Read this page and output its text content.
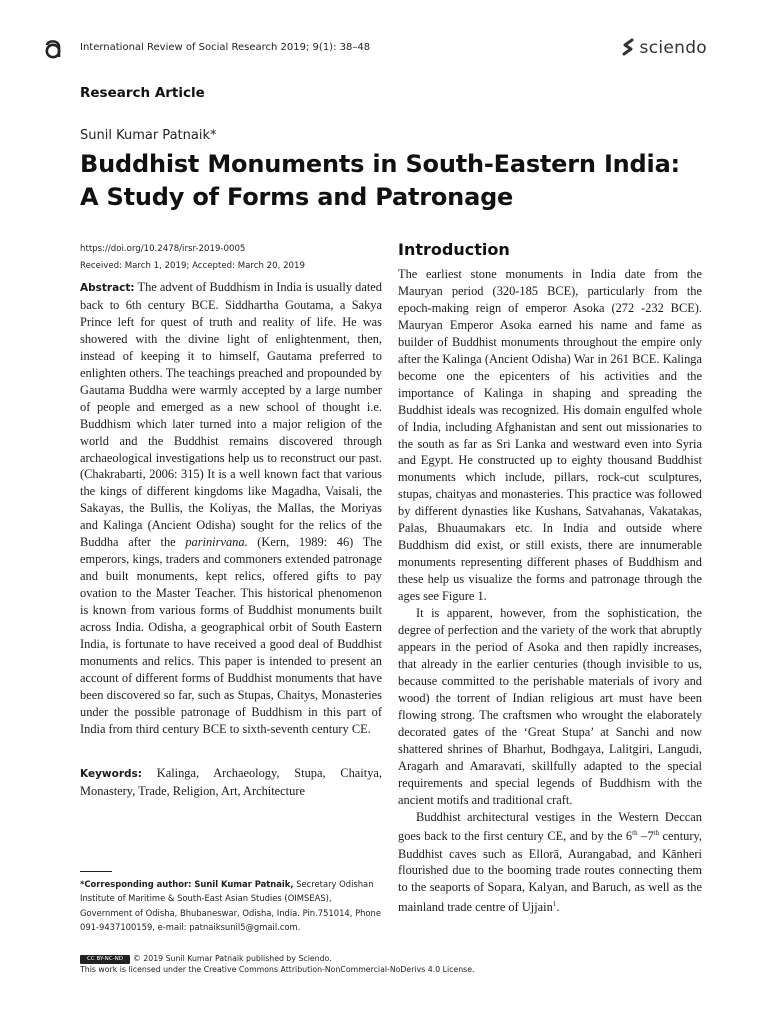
International Review of Social Research 2019; 9(1): 38–48	sciendo
Research Article
Sunil Kumar Patnaik*
Buddhist Monuments in South-Eastern India:
A Study of Forms and Patronage
https://doi.org/10.2478/irsr-2019-0005
Received: March 1, 2019; Accepted: March 20, 2019

Abstract: The advent of Buddhism in India is usually dated back to 6th century BCE. Siddhartha Goutama, a Sakya Prince left for quest of truth and reality of life. He was showered with the divine light of enlightenment, then, instead of keeping it to himself, Gautama preferred to enlighten others. The teachings preached and propounded by Gautama Buddha were warmly accepted by a large number of people and emerged as a new school of thought i.e. Buddhism which later turned into a major religion of the world and the Buddhist remains discovered through archaeological investigations help us to reconstruct our past. (Chakrabarti, 2006: 315) It is a well known fact that various the kings of different kingdoms like Magadha, Vaisali, the Sakayas, the Bullis, the Koliyas, the Mallas, the Moriyas and Kalinga (Ancient Odisha) sought for the relics of the Buddha after the parinirvana. (Kern, 1989: 46) The emperors, kings, traders and commoners extended patronage and built monuments, kept relics, offered gifts to pay ovation to the Master Teacher. This historical phenomenon is known from various forms of Buddhist monuments built across India. Odisha, a geographical orbit of South Eastern India, is fortunate to have received a good deal of Buddhist monuments and relics. This paper is intended to present an account of different forms of Buddhist monuments that have been discovered so far, such as Stupas, Chaitys, Monasteries under the possible patronage of Buddhism in this part of India from third century BCE to sixth-seventh century CE.

Keywords: Kalinga, Archaeology, Stupa, Chaitya, Monastery, Trade, Religion, Art, Architecture

*Corresponding author: Sunil Kumar Patnaik, Secretary Odishan Institute of Maritime & South-East Asian Studies (OIMSEAS), Government of Odisha, Bhubaneswar, Odisha, India. Pin.751014, Phone 091-9437100159, e-mail: patnaiksunil5@gmail.com.

Introduction

The earliest stone monuments in India date from the Mauryan period (320-185 BCE), particularly from the epoch-making reign of emperor Asoka (272 -232 BCE). Mauryan Emperor Asoka earned his name and fame as builder of Buddhist monuments throughout the empire only after the Kalinga (Ancient Odisha) War in 261 BCE. Kalinga become one the epicenters of his activities and the importance of Kalinga in shaping and spreading the Buddhist ideals was recognized. His domain engulfed whole of India, including Afghanistan and sent out missionaries to the south as far as Sri Lanka and westward even into Syria and Egypt. He constructed up to eighty thousand Buddhist monuments which include, pillars, rock-cut sculptures, stupas, chaityas and monasteries. This practice was followed by different dynasties like Kushans, Satvahanas, Vakatakas, Palas, Bhuaumakars etc. In India and outside where Buddhism did exist, or still exists, there are innumerable monuments representing different phases of Buddhism and these help us visualize the forms and patronage through the ages see Figure 1.

It is apparent, however, from the sophistication, the degree of perfection and the variety of the work that abruptly appears in the period of Asoka and then rapidly increases, that already in the earlier centuries (though invisible to us, because committed to the perishable materials of ivory and wood) the torrent of Indian religious art must have been flowing strong. The craftsmen who wrought the elaborately decorated gates of the ‘Great Stupa’ at Sanchi and now shattered shrines of Bharhut, Bodhgaya, Lalitgiri, Langudi, Aragarh and Amaravati, skillfully adapted to the special requirements and special legends of Buddhism with the ancient motifs and traditional craft.

Buddhist architectural vestiges in the Western Deccan goes back to the first century CE, and by the 6th –7th century, Buddhist caves such as Ellorā, Aurangabad, and Kānheri flourished due to the booming trade routes connecting them to the seaports of Sopara, Kalyan, and Baruch, as well as the mainland trade centre of Ujjain$^1$.

CC BY-NC-ND © 2019 Sunil Kumar Patnaik published by Sciendo.
This work is licensed under the Creative Commons Attribution-NonCommercial-NoDerivs 4.0 License.
